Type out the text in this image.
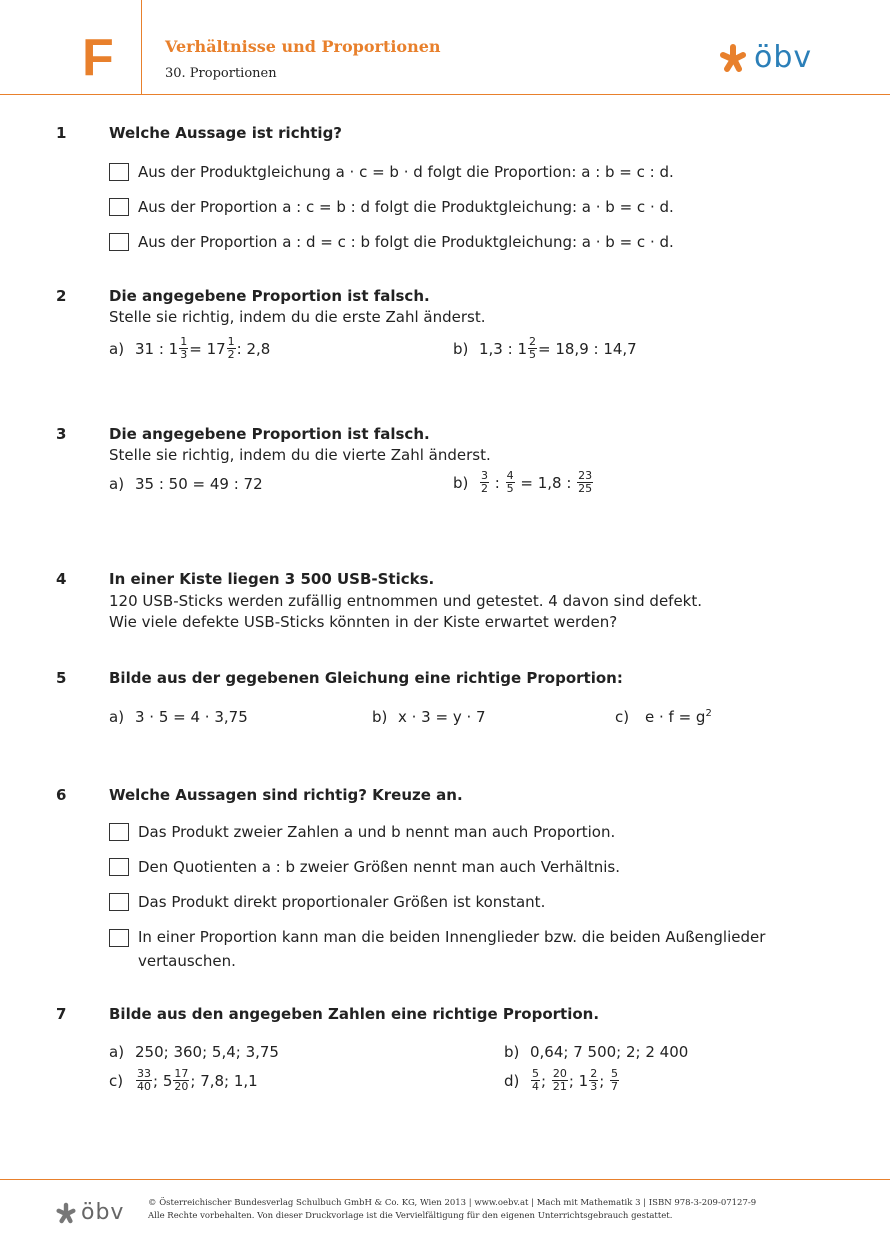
F	Verhältnisse und Proportionen
30. Proportionen	öbv
1	Welche Aussage ist richtig?
Aus der Produktgleichung a · c = b · d folgt die Proportion: a : b = c : d.
Aus der Proportion a : c = b : d folgt die Produktgleichung: a · b = c · d.
Aus der Proportion a : d = c : b folgt die Produktgleichung: a · b = c · d.
2	Die angegebene Proportion ist falsch.
Stelle sie richtig, indem du die erste Zahl änderst.
a) 31 : $1 \frac{1}{3} = 17 \frac{1}{2}$ : 2,8	b) 1,3 : $1 \frac{2}{5} = 18,9$ : 14,7
3	Die angegebene Proportion ist falsch.
Stelle sie richtig, indem du die vierte Zahl änderst.
a) 35 : 50 = 49 : 72	b)	$\frac{3}{2}$ : $\frac{4}{5} = 1,8$ : $\frac{23}{25}$
4	In einer Kiste liegen 3 500 USB-Sticks.
120 USB-Sticks werden zufällig entnommen und getestet. 4 davon sind defekt.
Wie viele defekte USB-Sticks könnten in der Kiste erwartet werden?
5	Bilde aus der gegebenen Gleichung eine richtige Proportion:
a) 3 · 5 = 4 · 3,75	b) x · 3 = y · 7	c)	$e \cdot f = g^2$
6	Welche Aussagen sind richtig? Kreuze an.
Das Produkt zweier Zahlen a und b nennt man auch Proportion.
Den Quotienten a : b zweier Größen nennt man auch Verhältnis.
Das Produkt direkt proportionaler Größen ist konstant.
In einer Proportion kann man die beiden Innenglieder bzw. die beiden Außenglieder
vertauschen.
7	Bilde aus den angegeben Zahlen eine richtige Proportion.
a) 250; 360; 5,4; 3,75	b) 0,64; 7 500; 2; 2 400
c)	$\frac{33}{40}$ ; $5 \frac{17}{20}$ ; 7,8; 1,1	d)	$\frac{5}{4}$ ; $\frac{20}{21}$ ; $1 \frac{2}{3}$ ; $\frac{5}{7}$
öbv	© Österreichischer Bundesverlag Schulbuch GmbH & Co. KG, Wien 2013 | www.oebv.at | Mach mit Mathematik 3 | ISBN 978-3-209-07127-9
Alle Rechte vorbehalten. Von dieser Druckvorlage ist die Vervielfältigung für den eigenen Unterrichtsgebrauch gestattet.
